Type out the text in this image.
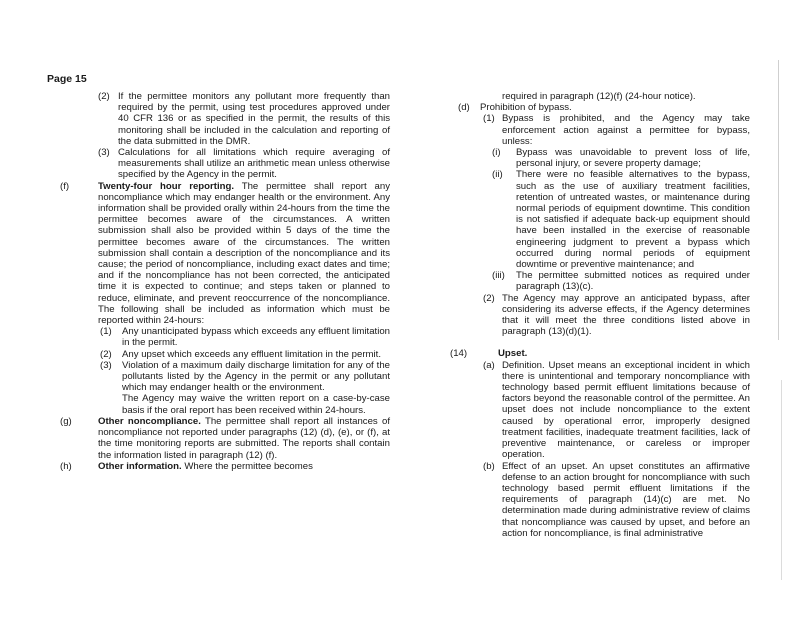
Page 15
(2) If the permittee monitors any pollutant more frequently than required by the permit, using test procedures approved under 40 CFR 136 or as specified in the permit, the results of this monitoring shall be included in the calculation and reporting of the data submitted in the DMR.
(3) Calculations for all limitations which require averaging of measurements shall utilize an arithmetic mean unless otherwise specified by the Agency in the permit.
(f)	Twenty-four hour reporting. The permittee shall report any noncompliance which may endanger health or the environment. Any information shall be provided orally within 24-hours from the time the permittee becomes aware of the circumstances. A written submission shall also be provided within 5 days of the time the permittee becomes aware of the circumstances. The written submission shall contain a description of the noncompliance and its cause; the period of noncompliance, including exact dates and time; and if the noncompliance has not been corrected, the anticipated time it is expected to continue; and steps taken or planned to reduce, eliminate, and prevent reoccurrence of the noncompliance. The following shall be included as information which must be reported within 24-hours:
(1) Any unanticipated bypass which exceeds any effluent limitation in the permit.
(2) Any upset which exceeds any effluent limitation in the permit.
(3) Violation of a maximum daily discharge limitation for any of the pollutants listed by the Agency in the permit or any pollutant which may endanger health or the environment.
The Agency may waive the written report on a case-by-case basis if the oral report has been received within 24-hours.
(g)	Other noncompliance. The permittee shall report all instances of noncompliance not reported under paragraphs (12) (d), (e), or (f), at the time monitoring reports are submitted. The reports shall contain the information listed in paragraph (12) (f).
(h)	Other information. Where the permittee becomes
required in paragraph (12)(f) (24-hour notice).
(d) Prohibition of bypass.
(1) Bypass is prohibited, and the Agency may take enforcement action against a permittee for bypass, unless:
(i) Bypass was unavoidable to prevent loss of life, personal injury, or severe property damage;
(ii) There were no feasible alternatives to the bypass, such as the use of auxiliary treatment facilities, retention of untreated wastes, or maintenance during normal periods of equipment downtime. This condition is not satisfied if adequate back-up equipment should have been installed in the exercise of reasonable engineering judgment to prevent a bypass which occurred during normal periods of equipment downtime or preventive maintenance; and
(iii) The permittee submitted notices as required under paragraph (13)(c).
(2) The Agency may approve an anticipated bypass, after considering its adverse effects, if the Agency determines that it will meet the three conditions listed above in paragraph (13)(d)(1).
(14)	Upset.
(a) Definition. Upset means an exceptional incident in which there is unintentional and temporary noncompliance with technology based permit effluent limitations because of factors beyond the reasonable control of the permittee. An upset does not include noncompliance to the extent caused by operational error, improperly designed treatment facilities, inadequate treatment facilities, lack of preventive maintenance, or careless or improper operation.
(b) Effect of an upset. An upset constitutes an affirmative defense to an action brought for noncompliance with such technology based permit effluent limitations if the requirements of paragraph (14)(c) are met. No determination made during administrative review of claims that noncompliance was caused by upset, and before an action for noncompliance, is final administrative
